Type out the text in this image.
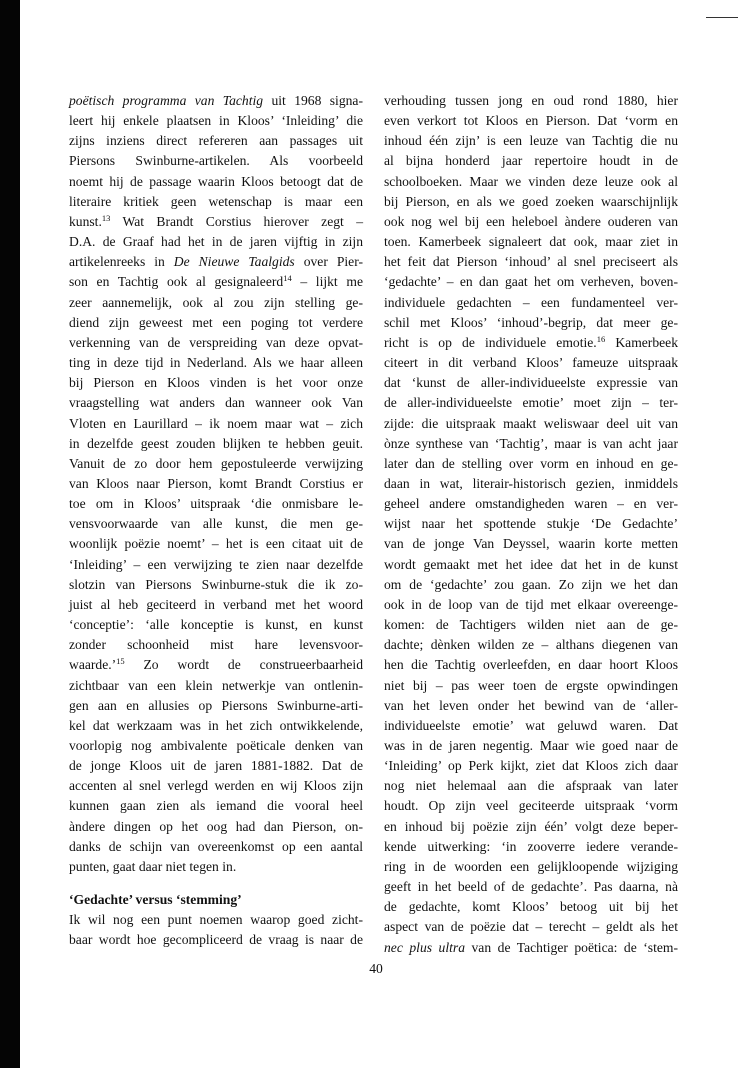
poëtisch programma van Tachtig uit 1968 signa-
leert hij enkele plaatsen in Kloos’ ‘Inleiding’ die
zijns inziens direct refereren aan passages uit
Piersons Swinburne-artikelen. Als voorbeeld
noemt hij de passage waarin Kloos betoogt dat de
literaire kritiek geen wetenschap is maar een
kunst.$^{13}$ Wat Brandt Corstius hierover zegt –
D.A. de Graaf had het in de jaren vijftig in zijn
artikelenreeks in De Nieuwe Taalgids over Pier-
son en Tachtig ook al gesignaleerd$^{14}$ – lijkt me
zeer aannemelijk, ook al zou zijn stelling ge-
diend zijn geweest met een poging tot verdere
verkenning van de verspreiding van deze opvat-
ting in deze tijd in Nederland. Als we haar alleen
bij Pierson en Kloos vinden is het voor onze
vraagstelling wat anders dan wanneer ook Van
Vloten en Laurillard – ik noem maar wat – zich
in dezelfde geest zouden blijken te hebben geuit.
Vanuit de zo door hem gepostuleerde verwijzing
van Kloos naar Pierson, komt Brandt Corstius er
toe om in Kloos’ uitspraak ‘die onmisbare le-
vensvoorwaarde van alle kunst, die men ge-
woonlijk poëzie noemt’ – het is een citaat uit de
‘Inleiding’ – een verwijzing te zien naar dezelfde
slotzin van Piersons Swinburne-stuk die ik zo-
juist al heb geciteerd in verband met het woord
‘conceptie’: ‘alle konceptie is kunst, en kunst
zonder schoonheid mist hare levensvoor-
waarde.’$^{15}$ Zo wordt de construeerbaarheid
zichtbaar van een klein netwerkje van ontlenin-
gen aan en allusies op Piersons Swinburne-arti-
kel dat werkzaam was in het zich ontwikkelende,
voorlopig nog ambivalente poëticale denken van
de jonge Kloos uit de jaren 1881-1882. Dat de
accenten al snel verlegd werden en wij Kloos zijn
kunnen gaan zien als iemand die vooral heel
àndere dingen op het oog had dan Pierson, on-
danks de schijn van overeenkomst op een aantal
punten, gaat daar niet tegen in.
‘Gedachte’ versus ‘stemming’
Ik wil nog een punt noemen waarop goed zicht-
baar wordt hoe gecompliceerd de vraag is naar de
verhouding tussen jong en oud rond 1880, hier
even verkort tot Kloos en Pierson. Dat ‘vorm en
inhoud één zijn’ is een leuze van Tachtig die nu
al bijna honderd jaar repertoire houdt in de
schoolboeken. Maar we vinden deze leuze ook al
bij Pierson, en als we goed zoeken waarschijnlijk
ook nog wel bij een heleboel àndere ouderen van
toen. Kamerbeek signaleert dat ook, maar ziet in
het feit dat Pierson ‘inhoud’ al snel preciseert als
‘gedachte’ – en dan gaat het om verheven, boven-
individuele gedachten – een fundamenteel ver-
schil met Kloos’ ‘inhoud’-begrip, dat meer ge-
richt is op de individuele emotie.$^{16}$ Kamerbeek
citeert in dit verband Kloos’ fameuze uitspraak
dat ‘kunst de aller-individueelste expressie van
de aller-individueelste emotie’ moet zijn – ter-
zijde: die uitspraak maakt weliswaar deel uit van
ònze synthese van ‘Tachtig’, maar is van acht jaar
later dan de stelling over vorm en inhoud en ge-
daan in wat, literair-historisch gezien, inmiddels
geheel andere omstandigheden waren – en ver-
wijst naar het spottende stukje ‘De Gedachte’
van de jonge Van Deyssel, waarin korte metten
wordt gemaakt met het idee dat het in de kunst
om de ‘gedachte’ zou gaan. Zo zijn we het dan
ook in de loop van de tijd met elkaar overeenge-
komen: de Tachtigers wilden niet aan de ge-
dachte; dènken wilden ze – althans diegenen van
hen die Tachtig overleefden, en daar hoort Kloos
niet bij – pas weer toen de ergste opwindingen
van het leven onder het bewind van de ‘aller-
individueelste emotie’ wat geluwd waren. Dat
was in de jaren negentig. Maar wie goed naar de
‘Inleiding’ op Perk kijkt, ziet dat Kloos zich daar
nog niet helemaal aan die afspraak van later
houdt. Op zijn veel geciteerde uitspraak ‘vorm
en inhoud bij poëzie zijn één’ volgt deze beper-
kende uitwerking: ‘in zooverre iedere verande-
ring in de woorden een gelijkloopende wijziging
geeft in het beeld of de gedachte’. Pas daarna, nà
de gedachte, komt Kloos’ betoog uit bij het
aspect van de poëzie dat – terecht – geldt als het
nec plus ultra van de Tachtiger poëtica: de ‘stem-
40
